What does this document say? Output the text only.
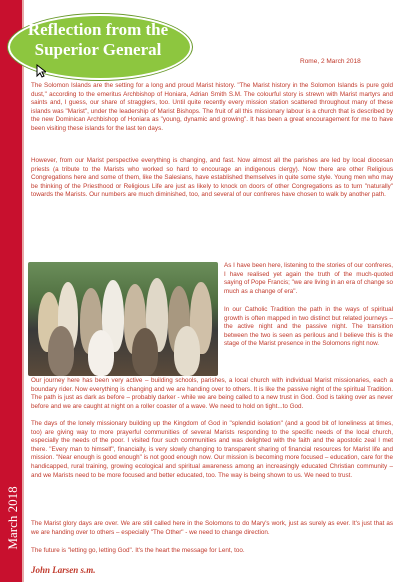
March 2018
Reflection from the
Superior General
Rome, 2 March 2018

The Solomon Islands are the setting for a long and proud Marist history. "The Marist history in the Solomon Islands is pure gold dust," according to the emeritus Archbishop of Honiara, Adrian Smith S.M. The colourful story is strewn with Marist martyrs and saints and, I guess, our share of stragglers, too. Until quite recently every mission station scattered throughout many of these islands was "Marist", under the leadership of Marist Bishops. The fruit of all this missionary labour is a church that is described by the new Dominican Archbishop of Honiara as "young, dynamic and growing". It has been a great encouragement for me to have been visiting these islands for the last ten days.

However, from our Marist perspective everything is changing, and fast. Now almost all the parishes are led by local diocesan priests (a tribute to the Marists who worked so hard to encourage an indigenous clergy). Now there are other Religious Congregations here and some of them, like the Salesians, have established themselves in quite some style. Young men who may be thinking of the Priesthood or Religious Life are just as likely to knock on doors of other Congregations as to turn "naturally" towards the Marists. Our numbers are much diminished, too, and several of our confreres have chosen to walk by another path.

As I have been here, listening to the stories of our confreres, I have realised yet again the truth of the much-quoted saying of Pope Francis; "we are living in an era of change so much as a change of era".

In our Catholic Tradition the path in the ways of spiritual growth is often mapped in two distinct but related journeys – the active night and the passive night. The transition between the two is seen as perilous and I believe this is the stage of the Marist presence in the Solomons right now.

Our journey here has been very active – building schools, parishes, a local church with individual Marist missionaries, each a boundary rider. Now everything is changing and we are handing over to others. It is like the passive night of the spiritual Tradition. The path is just as dark as before – probably darker - while we are being called to a new trust in God. God is taking over as never before and we are caught at night on a roller coaster of a wave. We need to hold on tight...to God.

The days of the lonely missionary building up the Kingdom of God in "splendid isolation" (and a good bit of loneliness at times, too) are giving way to more prayerful communities of several Marists responding to the specific needs of the local church, especially the needs of the poor. I visited four such communities and was delighted with the faith and the apostolic zeal I met there. "Every man to himself", financially, is very slowly changing to transparent sharing of financial resources for Marist life and mission. "Near enough is good enough" is not good enough now. Our mission is becoming more focused – education, care for the handicapped, rural training, growing ecological and spiritual awareness among an increasingly educated Christian community – and we Marists need to be more focused and better educated, too. The way is being shown to us. We need to trust.

The Marist glory days are over. We are still called here in the Solomons to do Mary's work, just as surely as ever. It's just that as we are handing over to others – especially "The Other" - we need to change direction.

The future is "letting go, letting God". It's the heart the message for Lent, too.

John Larsen s.m.
